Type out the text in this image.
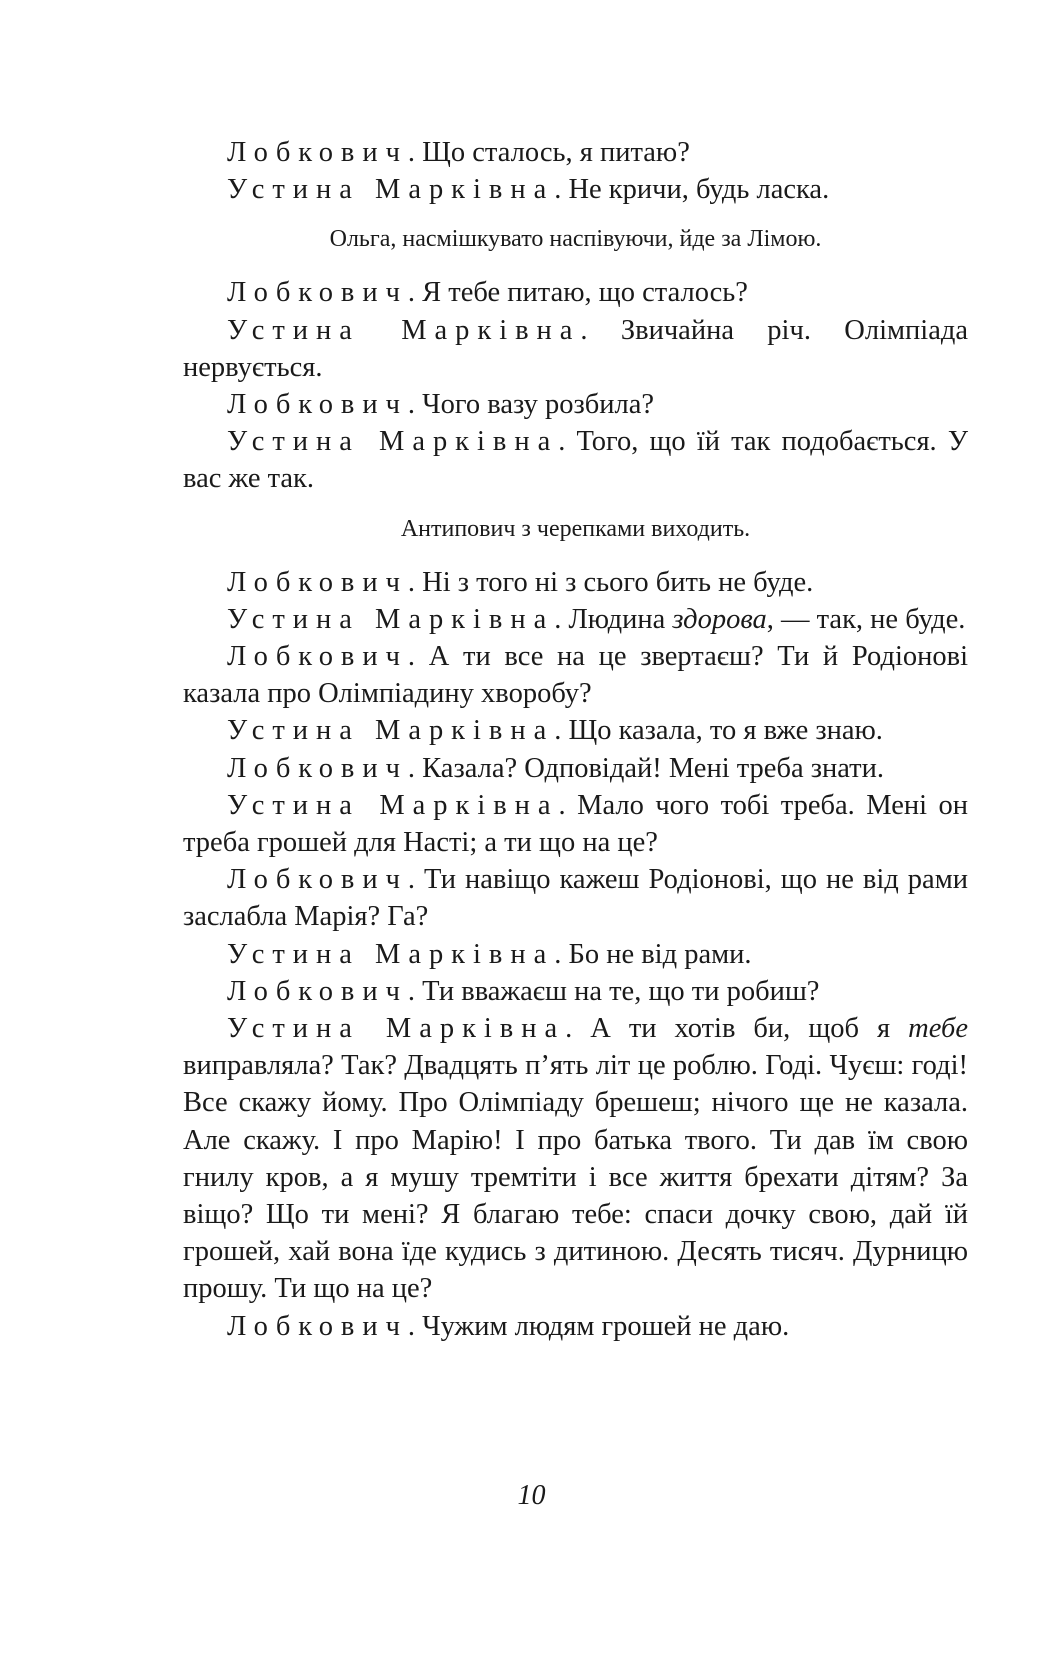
Лобкович. Що сталось, я питаю?

Устина Марківна. Не кричи, будь ласка.

Ольга, насмішкувато наспівуючи, йде за Лімою.

Лобкович. Я тебе питаю, що сталось?

Устина Марківна. Звичайна річ. Олімпіада нервується.

Лобкович. Чого вазу розбила?

Устина Марківна. Того, що їй так подобається. У вас же так.

Антипович з черепками виходить.

Лобкович. Ні з того ні з сього бить не буде.

Устина Марківна. Людина здорова, — так, не буде.

Лобкович. А ти все на це звертаєш? Ти й Родіонові казала про Олімпіадину хворобу?

Устина Марківна. Що казала, то я вже знаю.

Лобкович. Казала? Одповідай! Мені треба знати.

Устина Марківна. Мало чого тобі треба. Мені он треба грошей для Насті; а ти що на це?

Лобкович. Ти навіщо кажеш Родіонові, що не від рами заслабла Марія? Га?

Устина Марківна. Бо не від рами.

Лобкович. Ти вважаєш на те, що ти робиш?

Устина Марківна. А ти хотів би, щоб я тебе виправляла? Так? Двадцять п’ять літ це роблю. Годі. Чуєш: годі! Все скажу йому. Про Олімпіаду брешеш; нічого ще не казала. Але скажу. І про Марію! І про батька твого. Ти дав їм свою гнилу кров, а я мушу тремтіти і все життя брехати дітям? За віщо? Що ти мені? Я благаю тебе: спаси дочку свою, дай їй грошей, хай вона їде кудись з дитиною. Десять тисяч. Дурницю прошу. Ти що на це?

Лобкович. Чужим людям грошей не даю.

10
